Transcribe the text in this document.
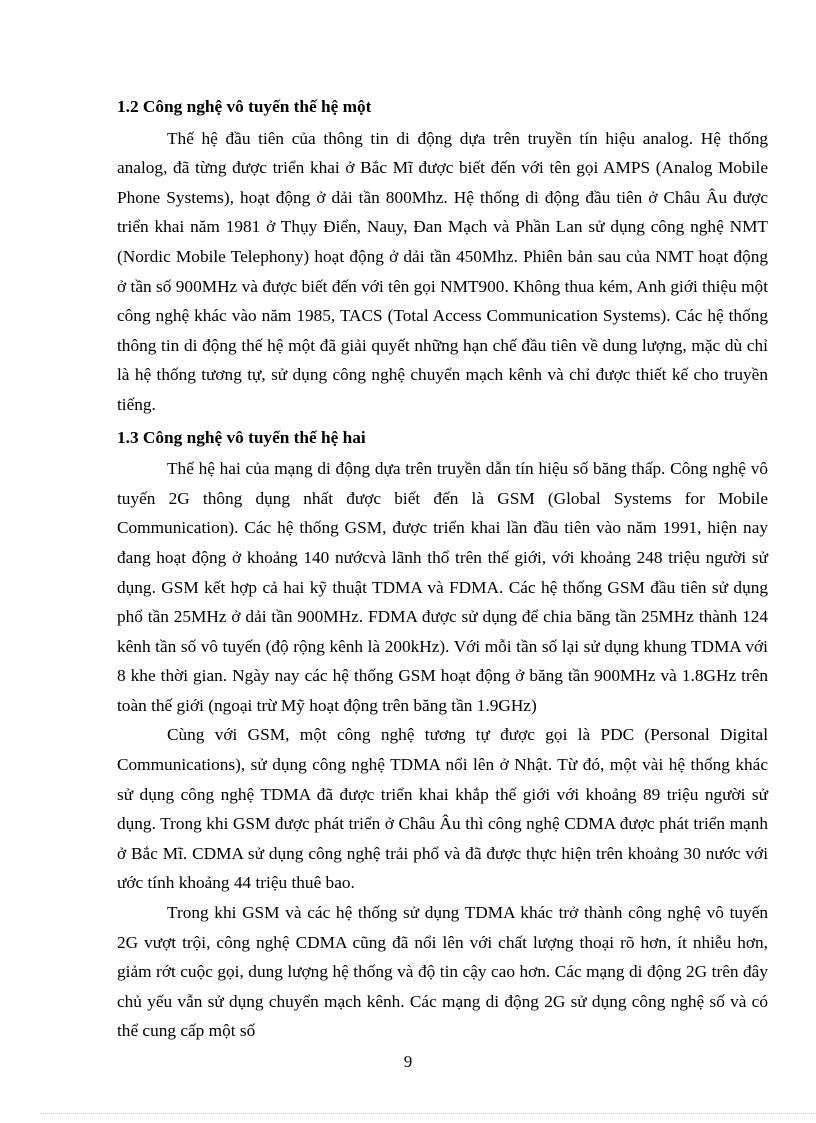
1.2 Công nghệ vô tuyến thế hệ một

Thế hệ đầu tiên của thông tin di động dựa trên truyền tín hiệu analog. Hệ thống analog, đã từng được triển khai ở Bắc Mĩ được biết đến với tên gọi AMPS (Analog Mobile Phone Systems), hoạt động ở dải tần 800Mhz. Hệ thống di động đầu tiên ở Châu Âu được triển khai năm 1981 ở Thụy Điển, Nauy, Đan Mạch và Phần Lan sử dụng công nghệ NMT (Nordic Mobile Telephony) hoạt động ở dải tần 450Mhz. Phiên bản sau của NMT hoạt động ở tần số 900MHz và được biết đến với tên gọi NMT900. Không thua kém, Anh giới thiệu một công nghệ khác vào năm 1985, TACS (Total Access Communication Systems). Các hệ thống thông tin di động thế hệ một đã giải quyết những hạn chế đầu tiên về dung lượng, mặc dù chỉ là hệ thống tương tự, sử dụng công nghệ chuyển mạch kênh và chỉ được thiết kế cho truyền tiếng.

1.3 Công nghệ vô tuyến thế hệ hai

Thế hệ hai của mạng di động dựa trên truyền dẫn tín hiệu số băng thấp. Công nghệ vô tuyến 2G thông dụng nhất được biết đến là GSM (Global Systems for Mobile Communication). Các hệ thống GSM, được triển khai lần đầu tiên vào năm 1991, hiện nay đang hoạt động ở khoảng 140 nướcvà lãnh thổ trên thế giới, với khoảng 248 triệu người sử dụng. GSM kết hợp cả hai kỹ thuật TDMA và FDMA. Các hệ thống GSM đầu tiên sử dụng phổ tần 25MHz ở dải tần 900MHz. FDMA được sử dụng để chia băng tần 25MHz thành 124 kênh tần số vô tuyến (độ rộng kênh là 200kHz). Với mỗi tần số lại sử dụng khung TDMA với 8 khe thời gian. Ngày nay các hệ thống GSM hoạt động ở băng tần 900MHz và 1.8GHz trên toàn thế giới (ngoại trừ Mỹ hoạt động trên băng tần 1.9GHz)

Cùng với GSM, một công nghệ tương tự được gọi là PDC (Personal Digital Communications), sử dụng công nghệ TDMA nổi lên ở Nhật. Từ đó, một vài hệ thống khác sử dụng công nghệ TDMA đã được triển khai khắp thế giới với khoảng 89 triệu người sử dụng. Trong khi GSM được phát triển ở Châu Âu thì công nghệ CDMA được phát triển mạnh ở Bắc Mĩ. CDMA sử dụng công nghệ trải phổ và đã được thực hiện trên khoảng 30 nước với ước tính khoảng 44 triệu thuê bao.

Trong khi GSM và các hệ thống sử dụng TDMA khác trở thành công nghệ vô tuyến 2G vượt trội, công nghệ CDMA cũng đã nổi lên với chất lượng thoại rõ hơn, ít nhiễu hơn, giảm rớt cuộc gọi, dung lượng hệ thống và độ tin cậy cao hơn. Các mạng di động 2G trên đây chủ yếu vẫn sử dụng chuyển mạch kênh. Các mạng di động 2G sử dụng công nghệ số và có thể cung cấp một số

9
